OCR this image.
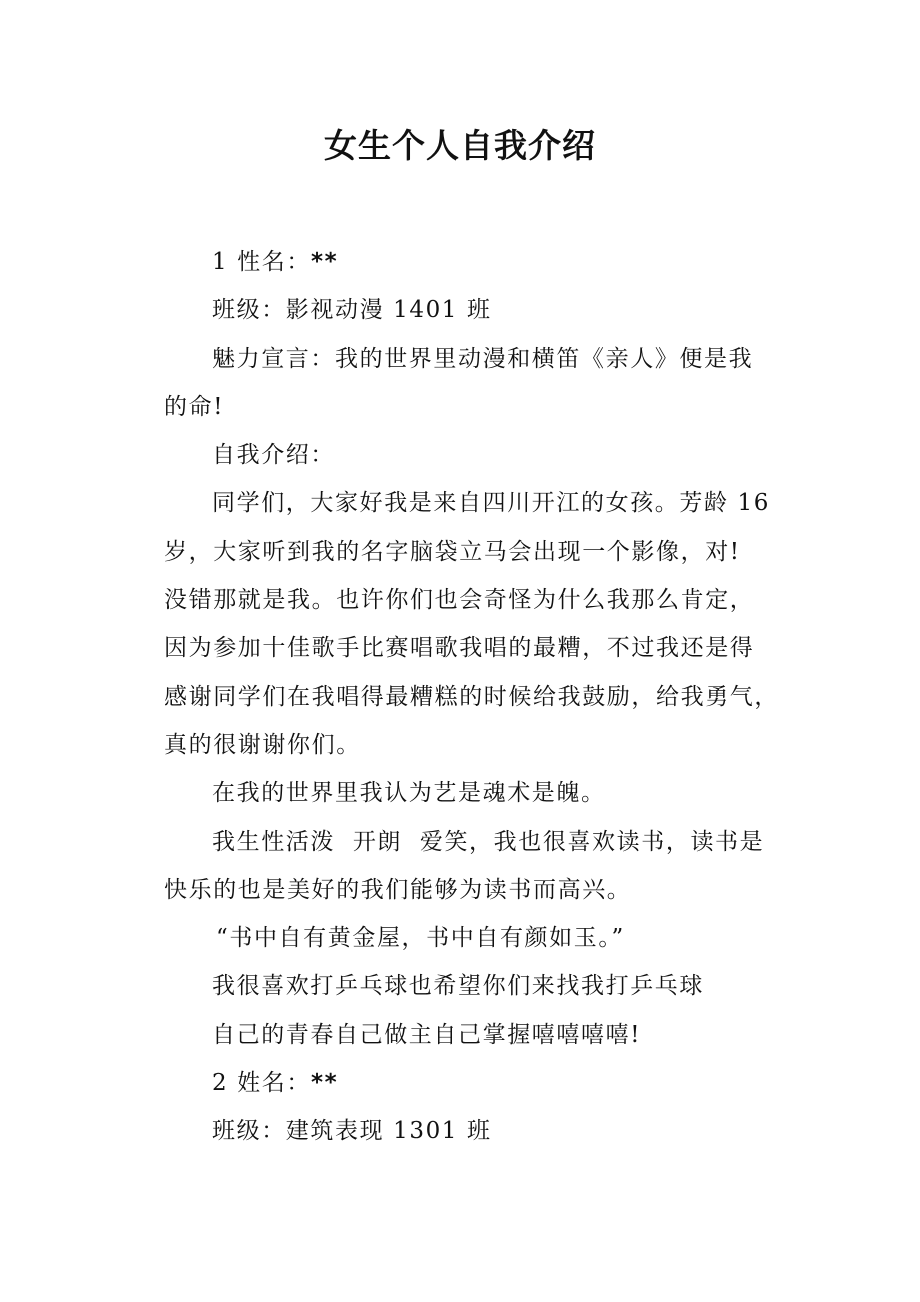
女生个人自我介绍

1 性名：**

班级：影视动漫 1401 班

魅力宣言：我的世界里动漫和横笛《亲人》便是我

的命!

自我介绍：

同学们，大家好我是来自四川开江的女孩。芳龄 16

岁，大家听到我的名字脑袋立马会出现一个影像，对!

没错那就是我。也许你们也会奇怪为什么我那么肯定，

因为参加十佳歌手比赛唱歌我唱的最糟，不过我还是得

感谢同学们在我唱得最糟糕的时候给我鼓励，给我勇气，

真的很谢谢你们。

在我的世界里我认为艺是魂术是魄。

我生性活泼  开朗  爱笑，我也很喜欢读书，读书是

快乐的也是美好的我们能够为读书而高兴。

“书中自有黄金屋，书中自有颜如玉。”

我很喜欢打乒乓球也希望你们来找我打乒乓球

自己的青春自己做主自己掌握嘻嘻嘻嘻!

2 姓名：**

班级：建筑表现 1301 班
